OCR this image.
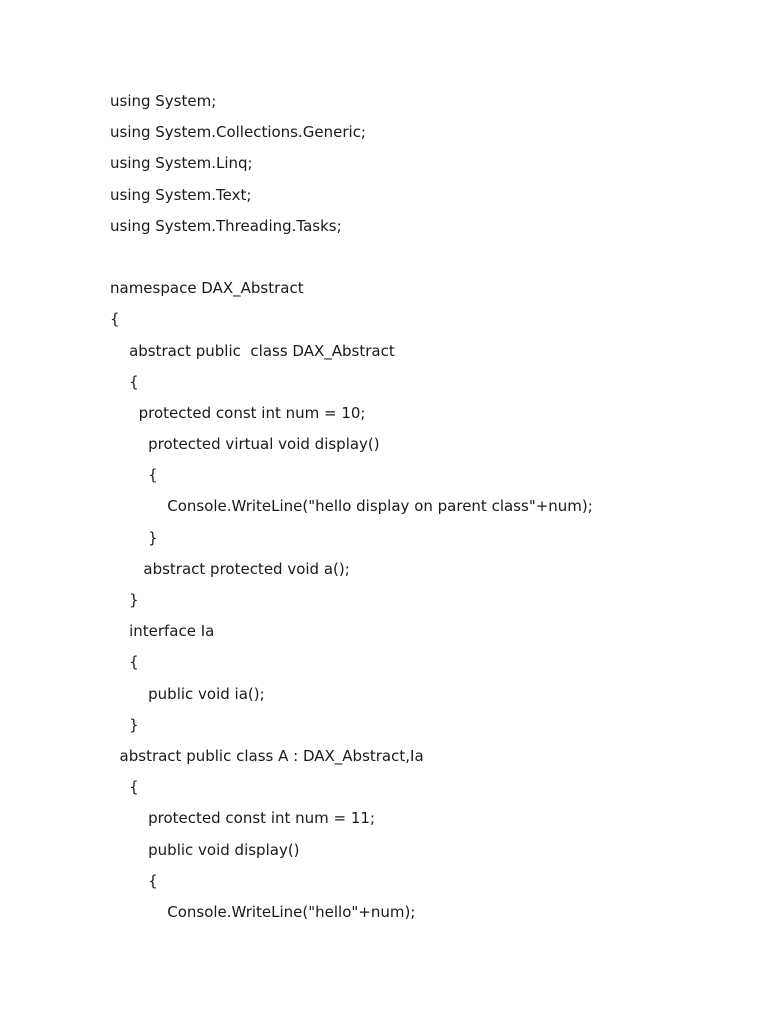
using System;
using System.Collections.Generic;
using System.Linq;
using System.Text;
using System.Threading.Tasks;
namespace DAX_Abstract
{
abstract public  class DAX_Abstract
{
protected const int num = 10;
protected virtual void display()
{
Console.WriteLine("hello display on parent class"+num);
}
abstract protected void a();
}
interface Ia
{
public void ia();
}
abstract public class A : DAX_Abstract,Ia
{
protected const int num = 11;
public void display()
{
Console.WriteLine("hello"+num);
